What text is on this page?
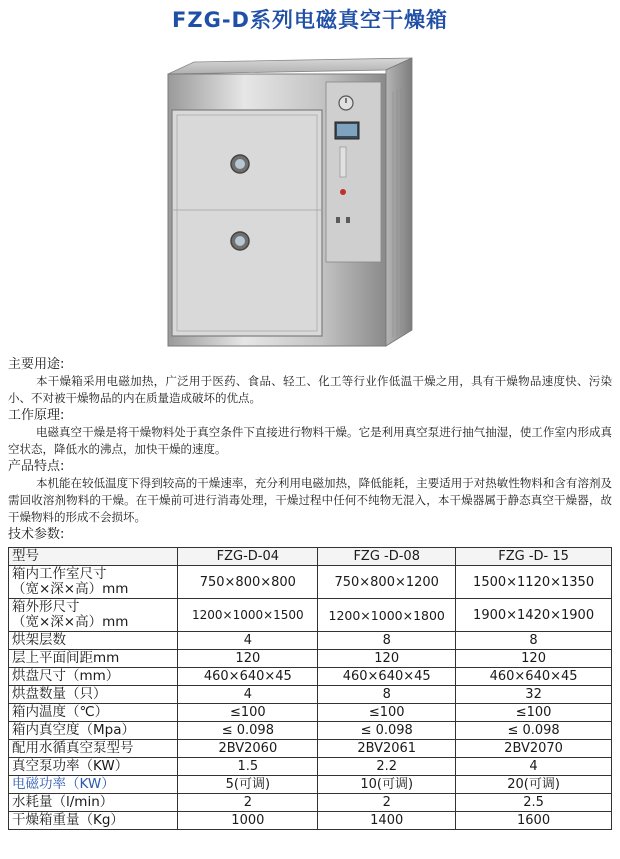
FZG-D系列电磁真空干燥箱
主要用途:
本干燥箱采用电磁加热，广泛用于医药、食品、轻工、化工等行业作低温干燥之用，具有干燥物品速度快、污染小、不对被干燥物品的内在质量造成破坏的优点。
工作原理:
电磁真空干燥是将干燥物料处于真空条件下直接进行物料干燥。它是利用真空泵进行抽气抽湿，使工作室内形成真空状态，降低水的沸点，加快干燥的速度。
产品特点:
本机能在较低温度下得到较高的干燥速率，充分利用电磁加热，降低能耗，主要适用于对热敏性物料和含有溶剂及需回收溶剂物料的干燥。在干燥前可进行消毒处理，干燥过程中任何不纯物无混入，本干燥器属于静态真空干燥器，故干燥物料的形成不会损坏。
技术参数:
型号	FZG-D-04	FZG -D-08	FZG -D- 15
箱内工作室尺寸
（宽×深×高）mm	750×800×800	750×800×1200	1500×1120×1350
箱外形尺寸
（宽×深×高）mm	1200×1000×1500	1200×1000×1800	1900×1420×1900
烘架层数	4	8	8
层上平面间距mm	120	120	120
烘盘尺寸（mm）	460×640×45	460×640×45	460×640×45
烘盘数量（只）	4	8	32
箱内温度（℃）	≤100	≤100	≤100
箱内真空度（Mpa）	≤ 0.098	≤ 0.098	≤ 0.098
配用水循真空泵型号	2BV2060	2BV2061	2BV2070
真空泵功率（KW）	1.5	2.2	4
电磁功率（KW）	5(可调)	10(可调)	20(可调)
水耗量（l/min）	2	2	2.5
干燥箱重量（Kg）	1000	1400	1600
